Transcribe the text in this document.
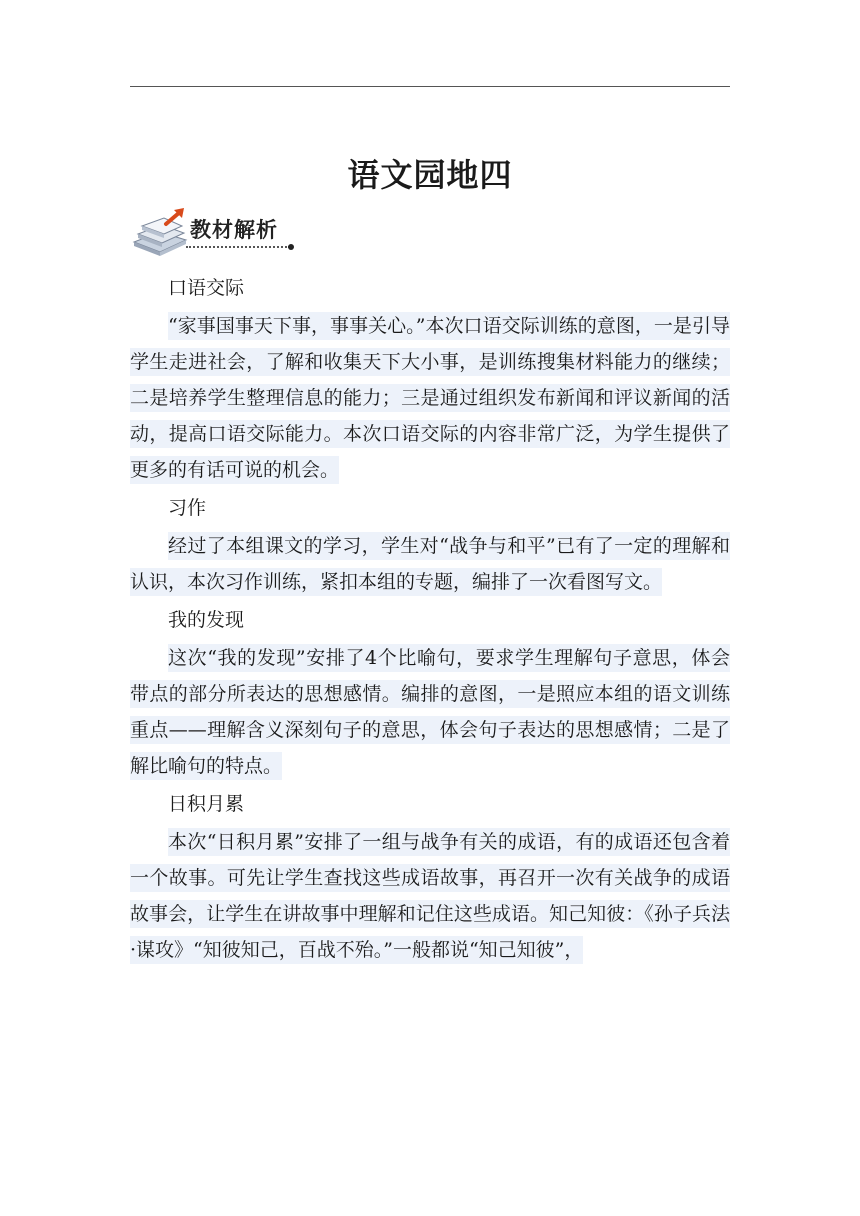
语文园地四
教材解析

口语交际

“家事国事天下事，事事关心。”本次口语交际训练的意图，一是引导学生走进社会，了解和收集天下大小事，是训练搜集材料能力的继续；二是培养学生整理信息的能力；三是通过组织发布新闻和评议新闻的活动，提高口语交际能力。本次口语交际的内容非常广泛，为学生提供了更多的有话可说的机会。

习作

经过了本组课文的学习，学生对“战争与和平”已有了一定的理解和认识，本次习作训练，紧扣本组的专题，编排了一次看图写文。

我的发现

这次“我的发现”安排了4个比喻句，要求学生理解句子意思，体会带点的部分所表达的思想感情。编排的意图，一是照应本组的语文训练重点——理解含义深刻句子的意思，体会句子表达的思想感情；二是了解比喻句的特点。

日积月累

本次“日积月累”安排了一组与战争有关的成语，有的成语还包含着一个故事。可先让学生查找这些成语故事，再召开一次有关战争的成语故事会，让学生在讲故事中理解和记住这些成语。知己知彼：《孙子兵法·谋攻》“知彼知己，百战不殆。”一般都说“知己知彼”，
